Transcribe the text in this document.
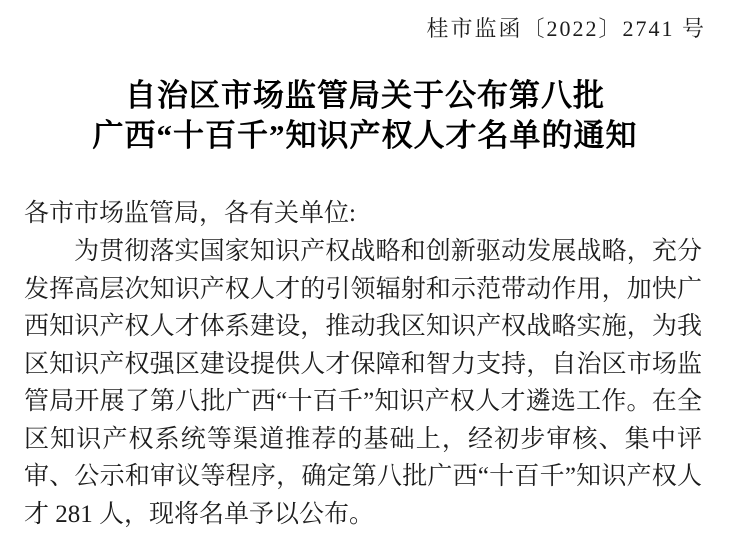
桂市监函〔2022〕2741 号
自治区市场监管局关于公布第八批
广西“十百千”知识产权人才名单的通知

各市市场监管局，各有关单位:

为贯彻落实国家知识产权战略和创新驱动发展战略，充分发挥高层次知识产权人才的引领辐射和示范带动作用，加快广西知识产权人才体系建设，推动我区知识产权战略实施，为我区知识产权强区建设提供人才保障和智力支持，自治区市场监管局开展了第八批广西“十百千”知识产权人才遴选工作。在全区知识产权系统等渠道推荐的基础上，经初步审核、集中评审、公示和审议等程序，确定第八批广西“十百千”知识产权人才 281 人，现将名单予以公布。
